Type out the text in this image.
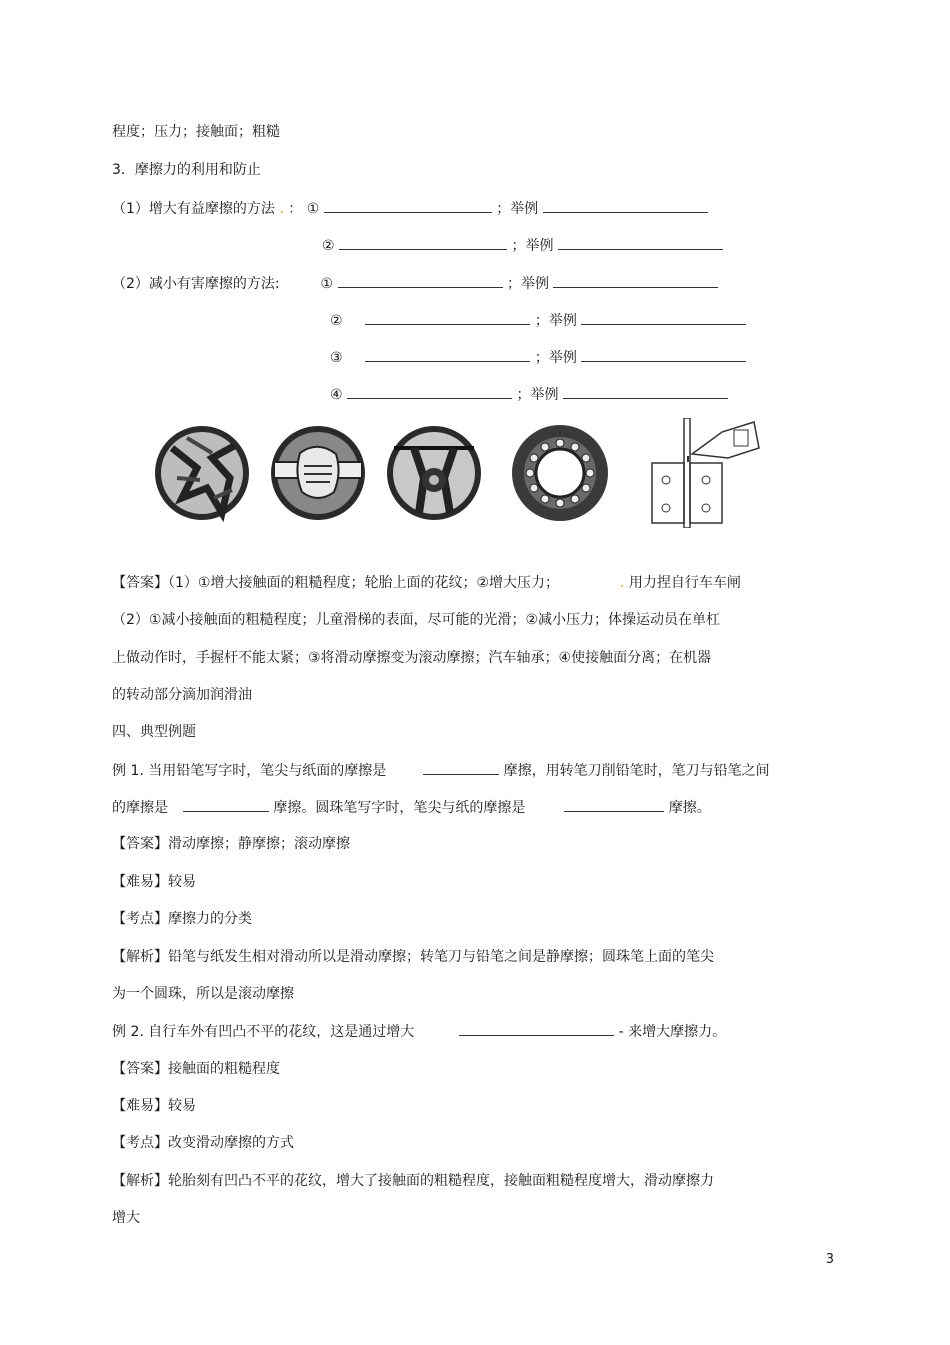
程度；压力；接触面；粗糙
3．摩擦力的利用和防止
（1）增大有益摩擦的方法 . ： ①	；举例
②	；举例
（2）减小有害摩擦的方法:	①	；举例
②	；举例
③	；举例
④	；举例
【答案】（1）①增大接触面的粗糙程度；轮胎上面的花纹；②增大压力；	. 用力捏自行车车闸
（2）①减小接触面的粗糙程度；儿童滑梯的表面，尽可能的光滑；②减小压力；体操运动员在单杠
上做动作时，手握杆不能太紧；③将滑动摩擦变为滚动摩擦；汽车轴承；④使接触面分离；在机器
的转动部分滴加润滑油
四、典型例题
例 1. 当用铅笔写字时，笔尖与纸面的摩擦是	摩擦，用转笔刀削铅笔时，笔刀与铅笔之间
的摩擦是	摩擦。圆珠笔写字时，笔尖与纸的摩擦是	摩擦。
【答案】滑动摩擦；静摩擦；滚动摩擦
【难易】较易
【考点】摩擦力的分类
【解析】铅笔与纸发生相对滑动所以是滑动摩擦；转笔刀与铅笔之间是静摩擦；圆珠笔上面的笔尖
为一个圆珠，所以是滚动摩擦
例 2. 自行车外有凹凸不平的花纹，这是通过增大	- 来增大摩擦力。
【答案】接触面的粗糙程度
【难易】较易
【考点】改变滑动摩擦的方式
【解析】轮胎刻有凹凸不平的花纹，增大了接触面的粗糙程度，接触面粗糙程度增大，滑动摩擦力
增大
3
